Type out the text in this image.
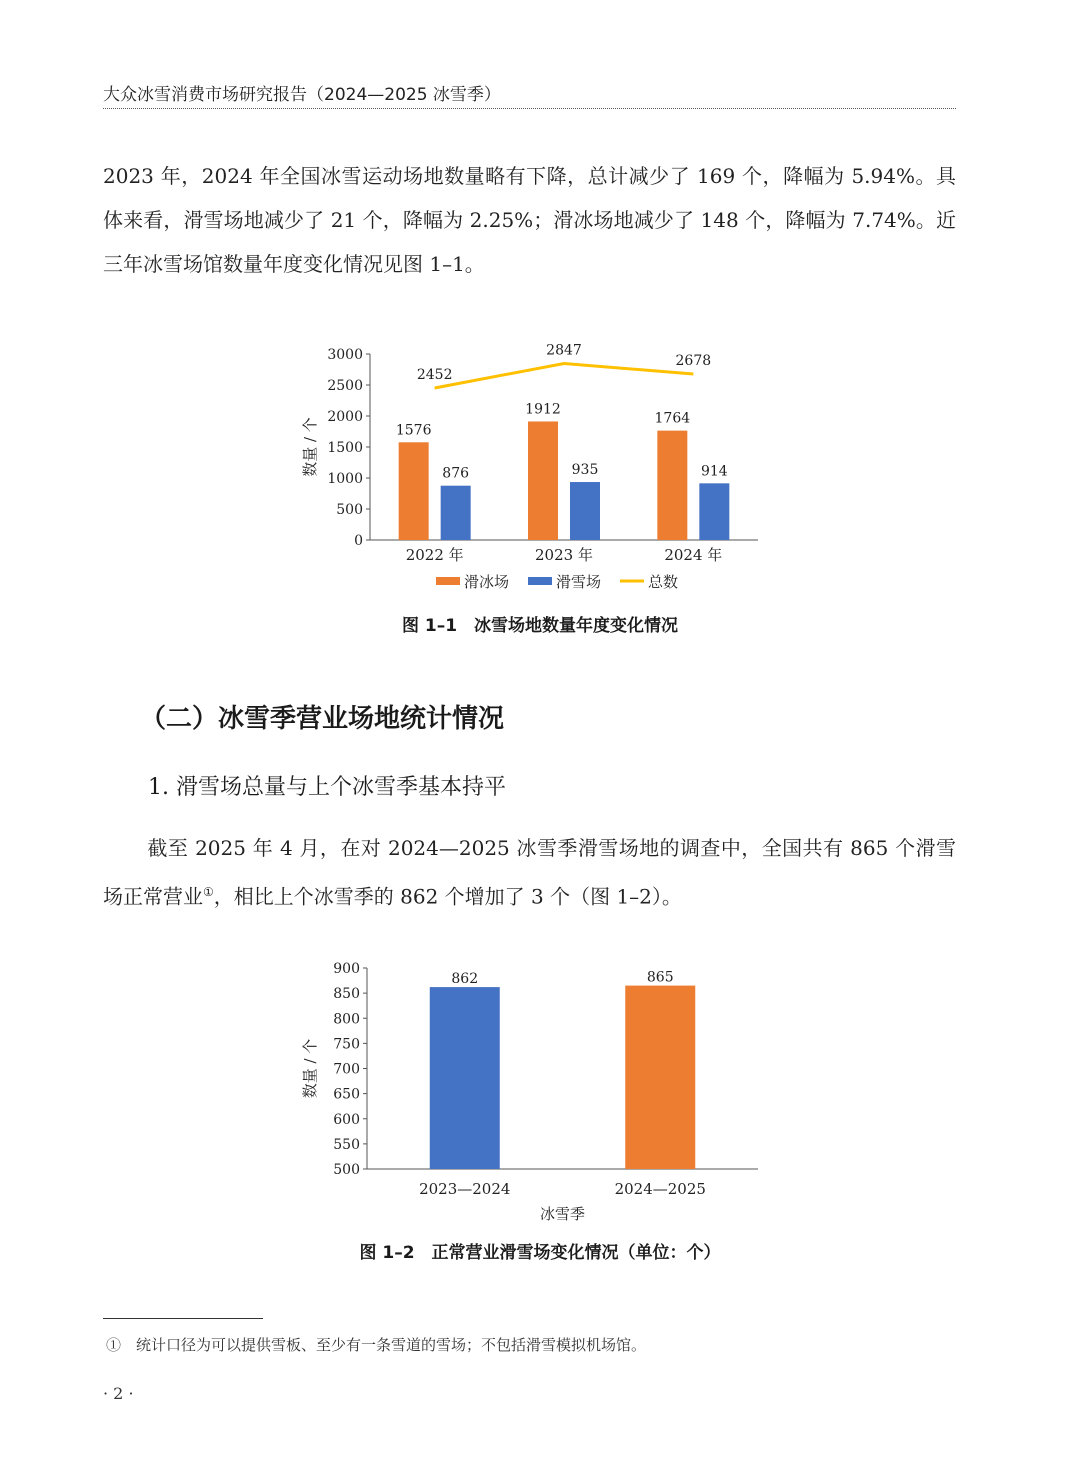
大众冰雪消费市场研究报告（2024—2025 冰雪季）

2023 年，2024 年全国冰雪运动场地数量略有下降，总计减少了 169 个，降幅为 5.94%。具体来看，滑雪场地减少了 21 个，降幅为 2.25%；滑冰场地减少了 148 个，降幅为 7.74%。近三年冰雪场馆数量年度变化情况见图 1–1。

0
500
1000
1500
2000
2500
3000
数量 / 个	1576
876
2022 年
1912
935
2023 年
1764
914
2024 年
2452
2847
2678
滑冰场	滑雪场	总数
图 1–1　冰雪场地数量年度变化情况
（二）冰雪季营业场地统计情况
1. 滑雪场总量与上个冰雪季基本持平

截至 2025 年 4 月，在对 2024—2025 冰雪季滑雪场地的调查中，全国共有 865 个滑雪场正常营业①，相比上个冰雪季的 862 个增加了 3 个（图 1–2）。

500
550
600
650
700
750
800
850
900
数量 / 个
862
2023—2024
865
2024—2025
冰雪季
图 1–2　正常营业滑雪场变化情况（单位：个）
①　统计口径为可以提供雪板、至少有一条雪道的雪场；不包括滑雪模拟机场馆。
· 2 ·
